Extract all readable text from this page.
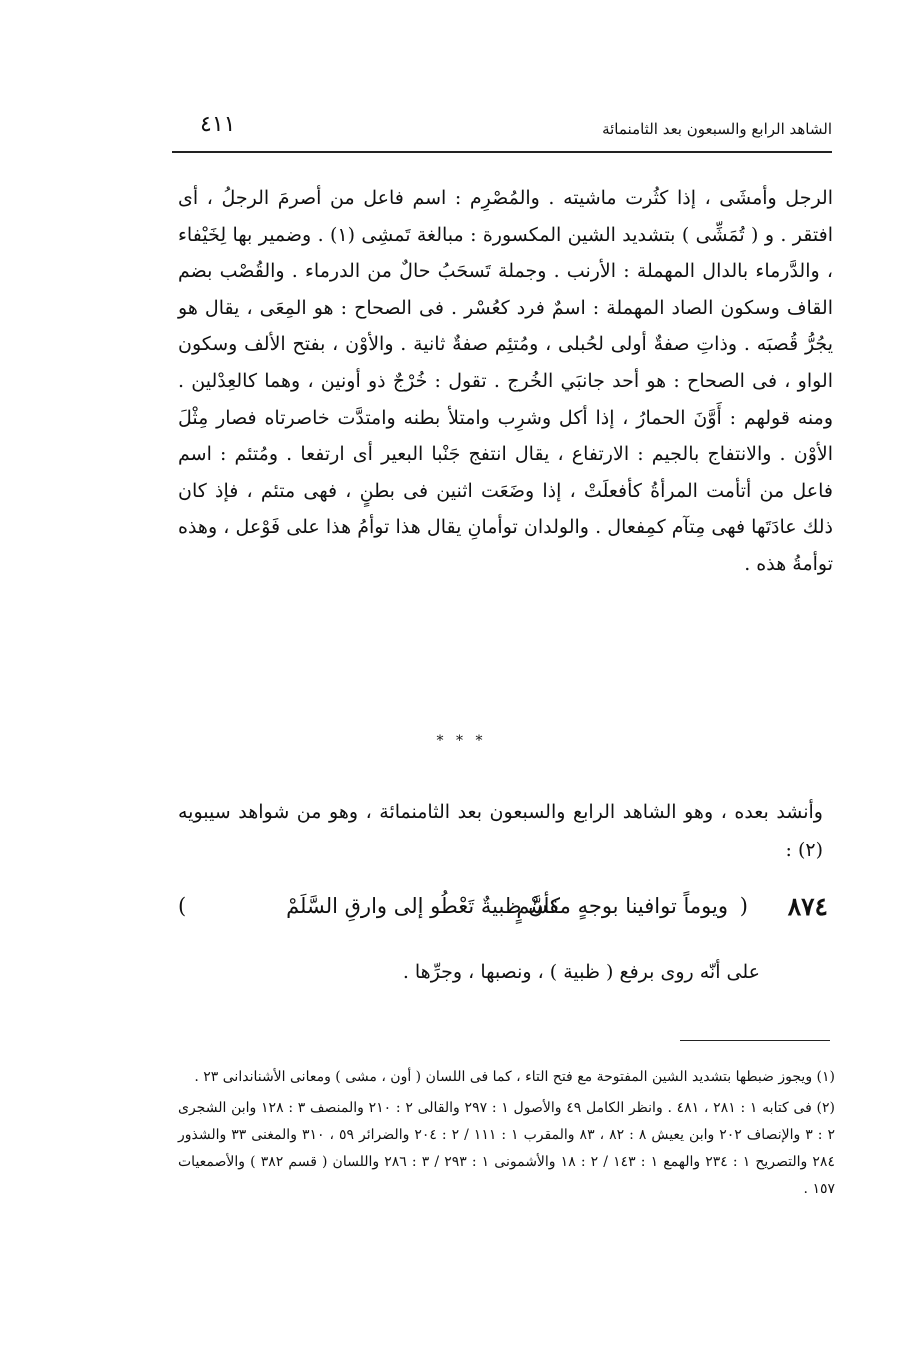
الشاهد الرابع والسبعون بعد الثامنمائة
٤١١

الرجل وأمشَى ، إذا كثُرت ماشيته . والمُصْرِم : اسم فاعل من أصرمَ الرجلُ ، أى افتقر . و ( تُمَشِّى ) بتشديد الشين المكسورة : مبالغة تَمشِى (١) . وضمير بها لِخَيْفاء ، والدَّرماء بالدال المهملة : الأرنب . وجملة تَسحَبُ حالٌ من الدرماء . والقُصْب بضم القاف وسكون الصاد المهملة : اسمٌ فرد كعُسْر . فى الصحاح : هو المِعَى ، يقال هو يجُرُّ قُصبَه . وذاتِ صفةٌ أولى لحُبلى ، ومُتئِم صفةٌ ثانية . والأوْن ، بفتح الألف وسكون الواو ، فى الصحاح : هو أحد جانبَي الخُرج . تقول : خُرْجٌ ذو أونين ، وهما كالعِدْلين . ومنه قولهم : أَوَّنَ الحمارُ ، إذا أكل وشرِب وامتلأ بطنه وامتدَّت خاصرتاه فصار مِثْلَ الأوْن . والانتفاج بالجيم : الارتفاع ، يقال انتفج جَنْبا البعير أى ارتفعا . ومُتئم : اسم فاعل من أتأمت المرأةُ كأفعلَتْ ، إذا وضَعَت اثنين فى بطنٍ ، فهى متئم ، فإذ كان ذلك عادَتَها فهى مِتآم كمِفعال . والولدان توأمانِ يقال هذا توأمُ هذا على فَوْعل ، وهذه توأمةُ هذه .

* * *

وأنشد بعده ، وهو الشاهد الرابع والسبعون بعد الثامنمائة ، وهو من شواهد سيبويه (٢) :

٨٧٤
(
ويوماً توافينا بوجهٍ مقسَّمٍ
كأنْ ظبيةٌ تَعْطُو إلى وارقِ السَّلَمْ
)
على أنّه روى برفع ( ظبية ) ، ونصبها ، وجرِّها .

(١) ويجوز ضبطها بتشديد الشين المفتوحة مع فتح التاء ، كما فى اللسان ( أون ، مشى ) ومعانى الأشناندانى ٢٣ .

(٢) فى كتابه ١ : ٢٨١ ، ٤٨١ . وانظر الكامل ٤٩ والأصول ١ : ٢٩٧ والقالى ٢ : ٢١٠ والمنصف ٣ : ١٢٨ وابن الشجرى ٢ : ٣ والإنصاف ٢٠٢ وابن يعيش ٨ : ٨٢ ، ٨٣ والمقرب ١ : ١١١ / ٢ : ٢٠٤ والضرائر ٥٩ ، ٣١٠ والمغنى ٣٣ والشذور ٢٨٤ والتصريح ١ : ٢٣٤ والهمع ١ : ١٤٣ / ٢ : ١٨ والأشمونى ١ : ٢٩٣ / ٣ : ٢٨٦ واللسان ( قسم ٣٨٢ ) والأصمعيات ١٥٧ .
